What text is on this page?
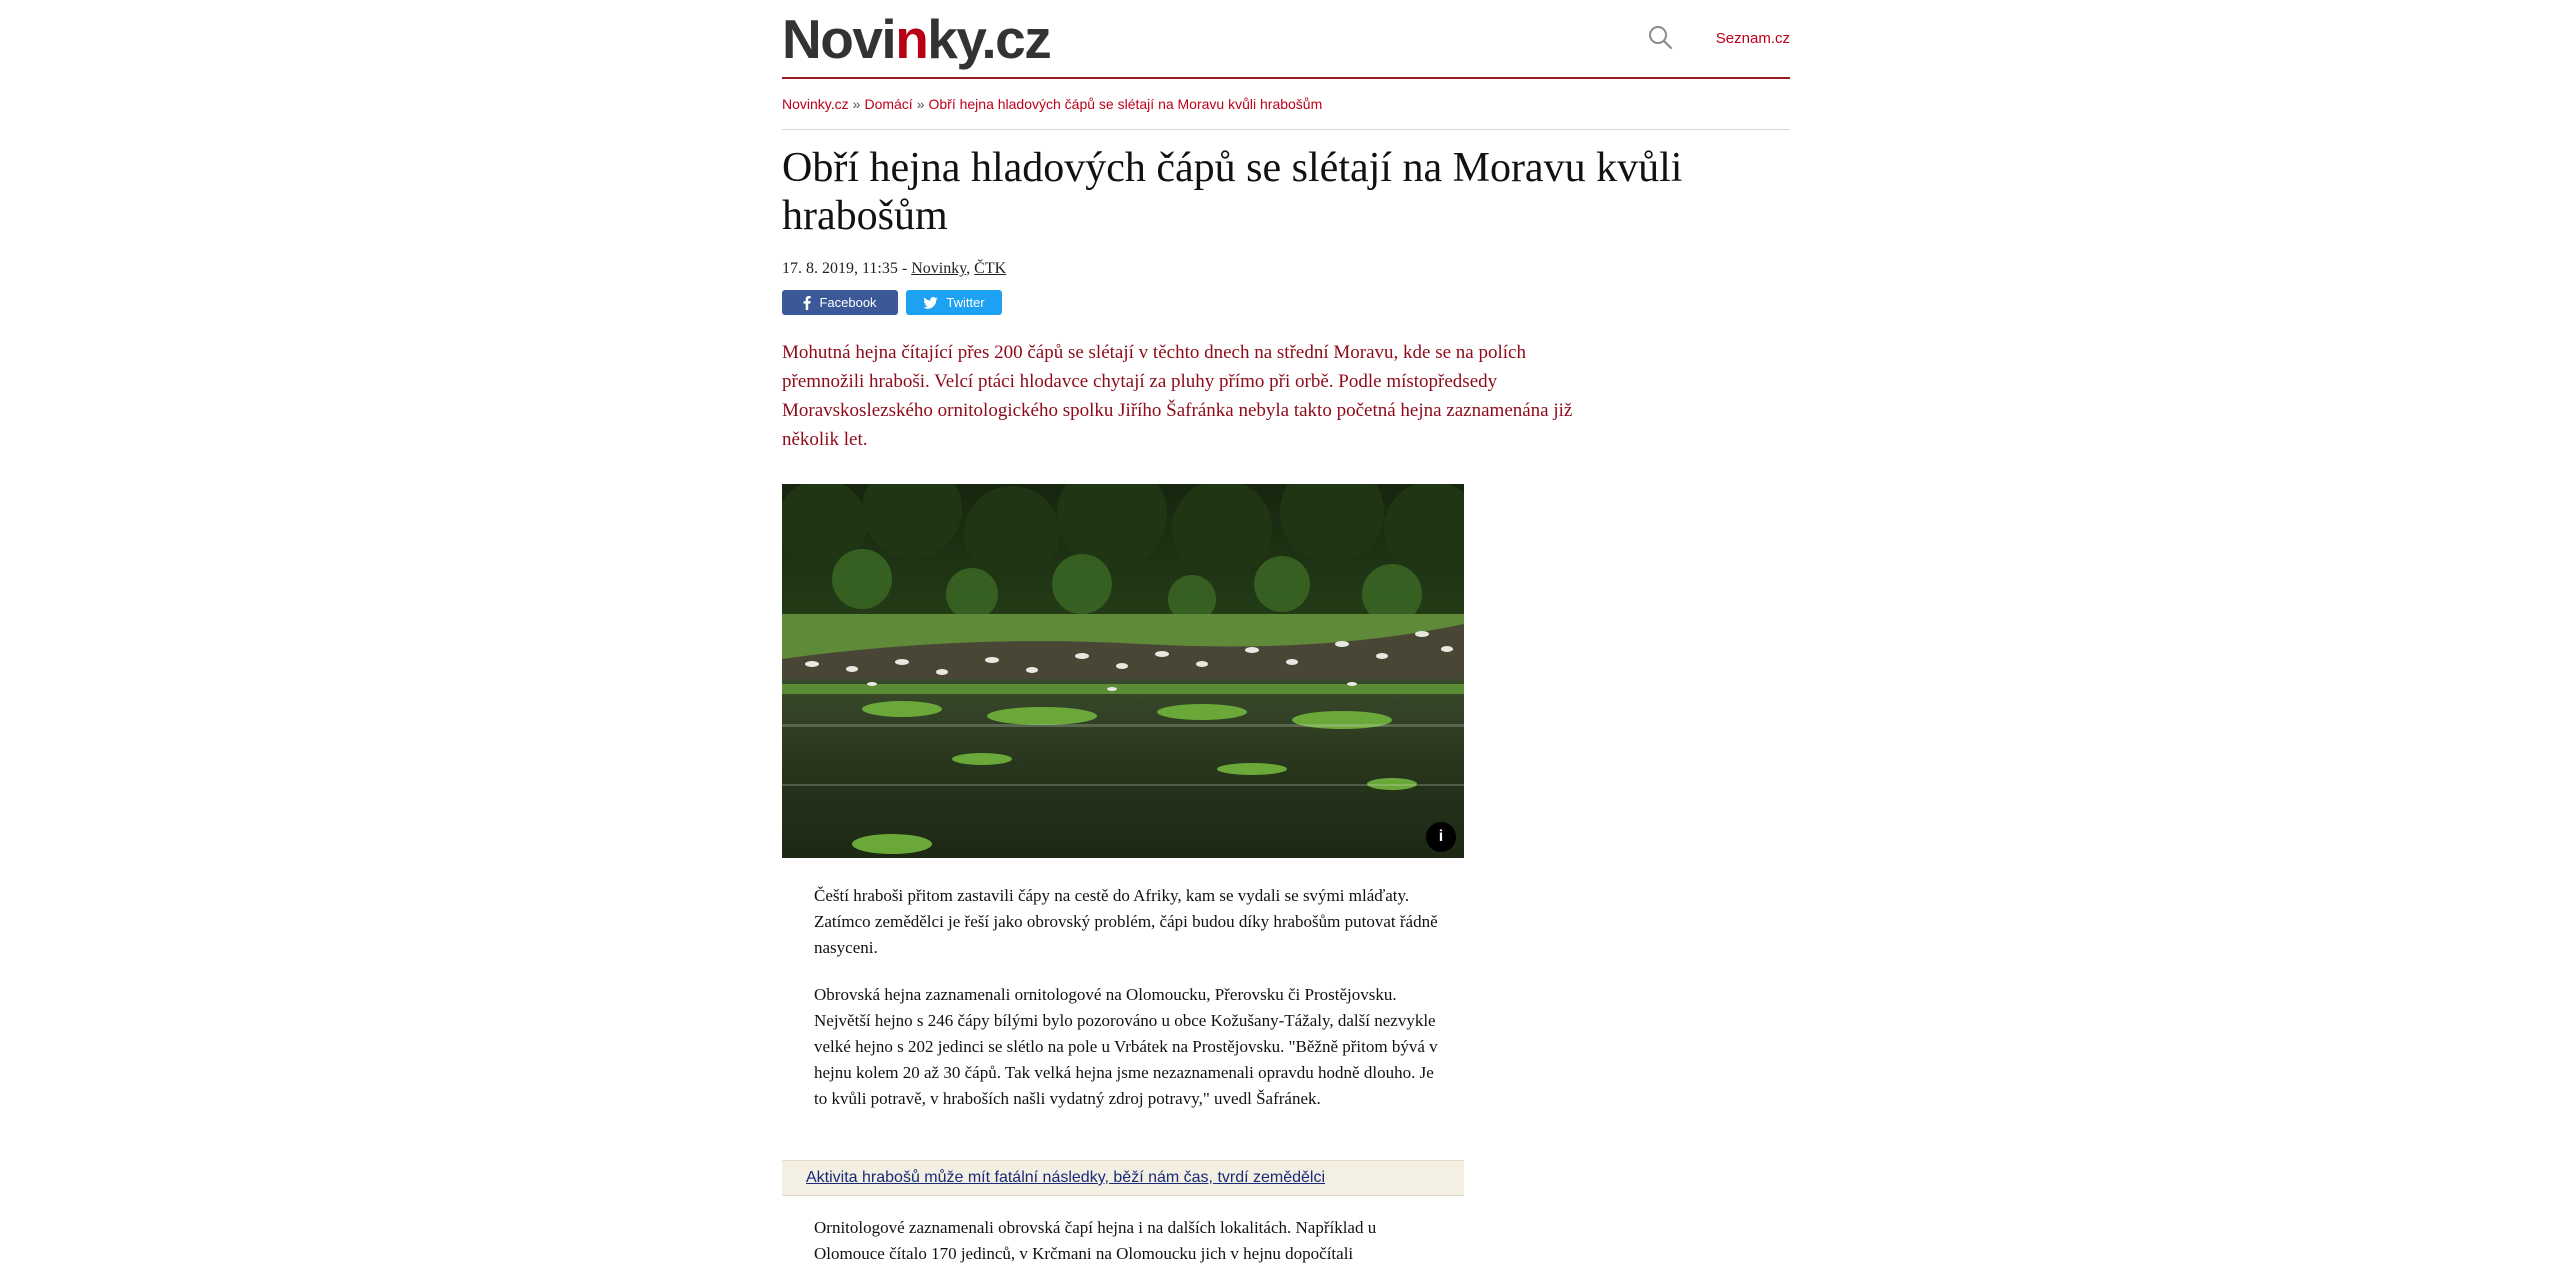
Novinky.cz	Seznam.cz
Novinky.cz » Domácí » Obří hejna hladových čápů se slétají na Moravu kvůli hrabošům
Obří hejna hladových čápů se slétají na Moravu kvůli hrabošům
17. 8. 2019, 11:35 - Novinky, ČTK
Facebook	Twitter

Mohutná hejna čítající přes 200 čápů se slétají v těchto dnech na střední Moravu, kde se na polích přemnožili hraboši. Velcí ptáci hlodavce chytají za pluhy přímo při orbě. Podle místopředsedy Moravskoslezského ornitologického spolku Jiřího Šafránka nebyla takto početná hejna zaznamenána již několik let.

i

Čeští hraboši přitom zastavili čápy na cestě do Afriky, kam se vydali se svými mláďaty. Zatímco zemědělci je řeší jako obrovský problém, čápi budou díky hrabošům putovat řádně nasyceni.

Obrovská hejna zaznamenali ornitologové na Olomoucku, Přerovsku či Prostějovsku. Největší hejno s 246 čápy bílými bylo pozorováno u obce Kožušany-Tážaly, další nezvykle velké hejno s 202 jedinci se slétlo na pole u Vrbátek na Prostějovsku. "Běžně přitom bývá v hejnu kolem 20 až 30 čápů. Tak velká hejna jsme nezaznamenali opravdu hodně dlouho. Je to kvůli potravě, v hraboších našli vydatný zdroj potravy," uvedl Šafránek.

Aktivita hrabošů může mít fatální následky, běží nám čas, tvrdí zemědělci

Ornitologové zaznamenali obrovská čapí hejna i na dalších lokalitách. Například u Olomouce čítalo 170 jedinců, v Krčmani na Olomoucku jich v hejnu dopočítali
